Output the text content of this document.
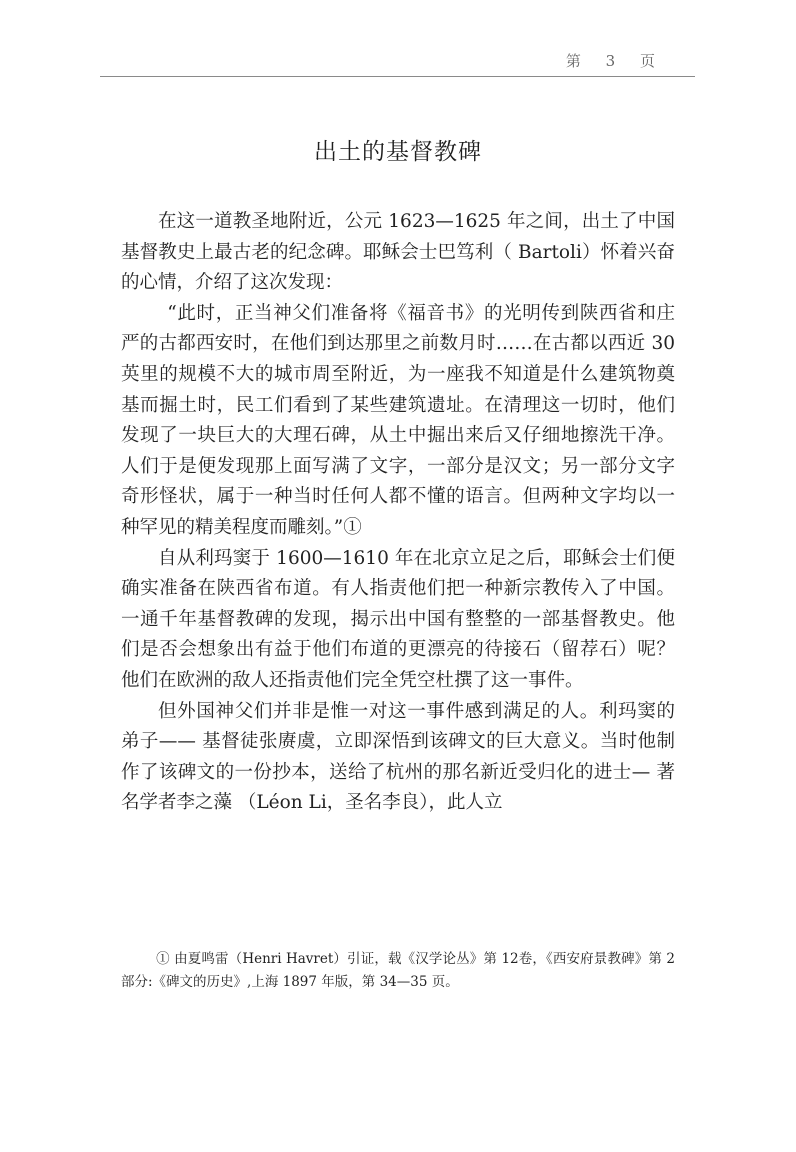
第 3 页
出土的基督教碑

在这一道教圣地附近，公元 1623—1625 年之间，出土了中国基督教史上最古老的纪念碑。耶稣会士巴笃利（ Bartoli）怀着兴奋的心情，介绍了这次发现：

“此时，正当神父们准备将《福音书》的光明传到陕西省和庄严的古都西安时，在他们到达那里之前数月时……在古都以西近 30 英里的规模不大的城市周至附近，为一座我不知道是什么建筑物奠基而掘土时，民工们看到了某些建筑遗址。在清理这一切时，他们发现了一块巨大的大理石碑，从土中掘出来后又仔细地擦洗干净。人们于是便发现那上面写满了文字，一部分是汉文；另一部分文字奇形怪状，属于一种当时任何人都不懂的语言。但两种文字均以一种罕见的精美程度而雕刻。”①

自从利玛窦于 1600—1610 年在北京立足之后，耶稣会士们便确实准备在陕西省布道。有人指责他们把一种新宗教传入了中国。一通千年基督教碑的发现，揭示出中国有整整的一部基督教史。他们是否会想象出有益于他们布道的更漂亮的待接石（留荐石）呢？他们在欧洲的敌人还指责他们完全凭空杜撰了这一事件。

但外国神父们并非是惟一对这一事件感到满足的人。利玛窦的弟子—— 基督徒张赓虞，立即深悟到该碑文的巨大意义。当时他制作了该碑文的一份抄本，送给了杭州的那名新近受归化的进士— 著名学者李之藻 （Léon Li，圣名李良），此人立

① 由夏鸣雷（Henri Havret）引证，载《汉学论丛》第 12卷，《西安府景教碑》第 2 部分:《碑文的历史》,上海 1897 年版，第 34—35 页。
